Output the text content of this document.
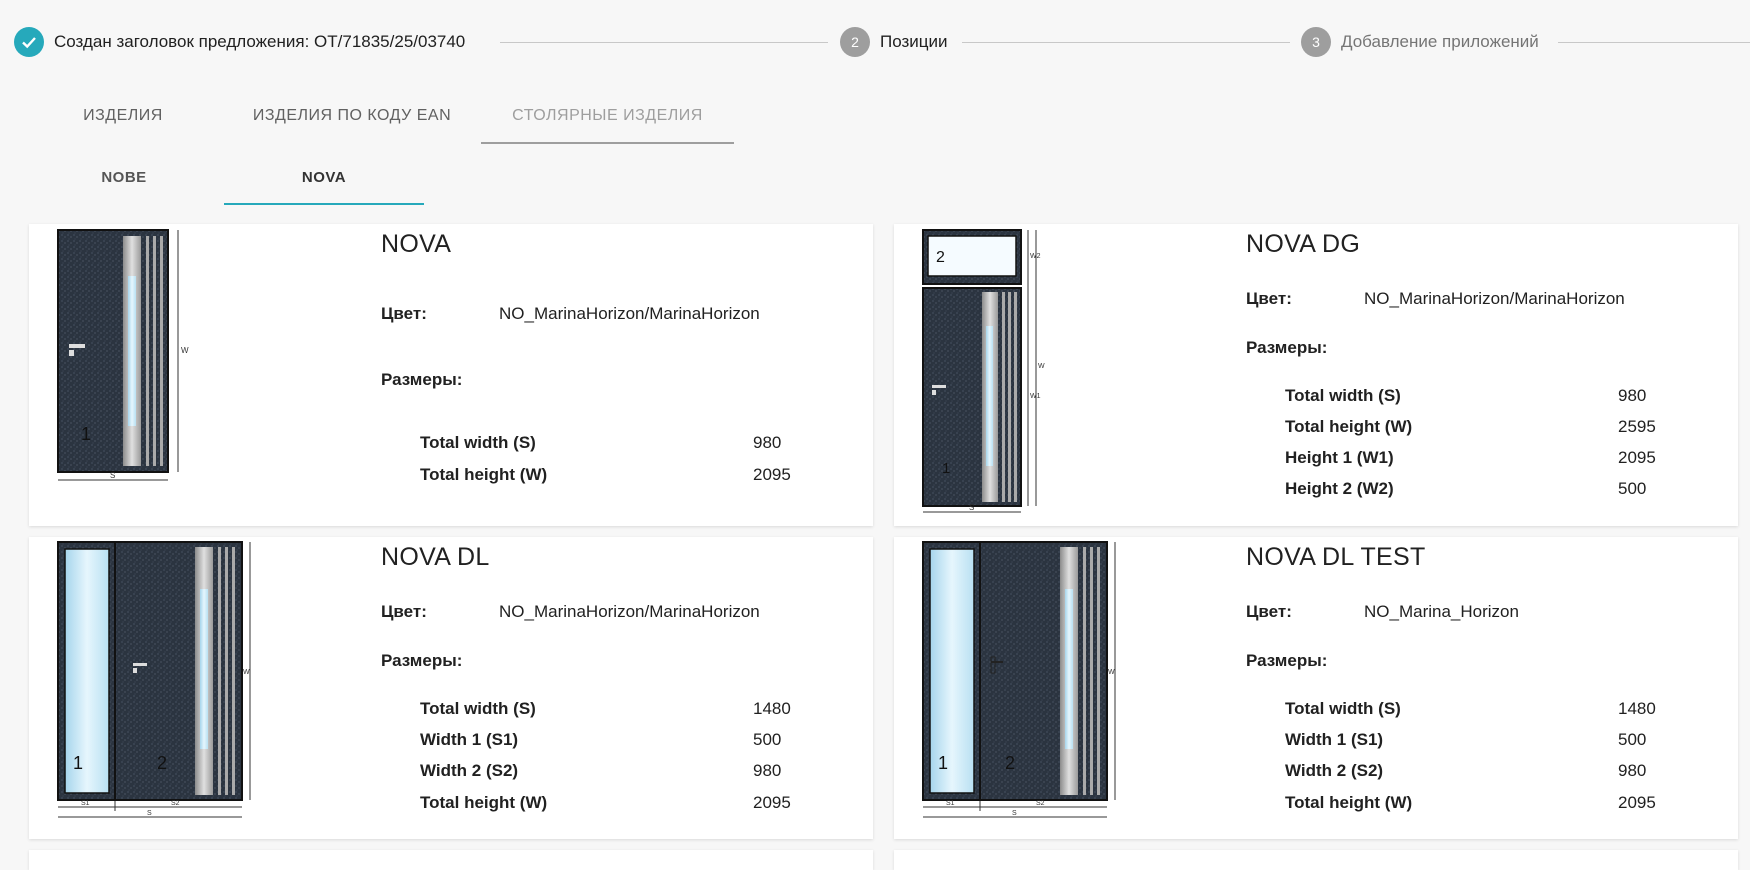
Создан заголовок предложения: OT/71835/25/03740	2	Позиции	3	Добавление приложений
ИЗДЕЛИЯ	ИЗДЕЛИЯ ПО КОДУ EAN	СТОЛЯРНЫЕ ИЗДЕЛИЯ
NOBE	NOVA
1
S
W
NOVA
Цвет:	NO_MarinaHorizon/MarinaHorizon
Размеры:
Total width (S)	980
Total height (W)	2095
2
1
S
W2
W1
W
NOVA DG
Цвет:	NO_MarinaHorizon/MarinaHorizon
Размеры:
Total width (S)	980
Total height (W)	2595
Height 1 (W1)	2095
Height 2 (W2)	500
1	2
S1	S2
S
W
NOVA DL
Цвет:	NO_MarinaHorizon/MarinaHorizon
Размеры:
Total width (S)	1480
Width 1 (S1)	500
Width 2 (S2)	980
Total height (W)	2095
1	2
S1	S2
S
W
NOVA DL TEST
Цвет:	NO_Marina_Horizon
Размеры:
Total width (S)	1480
Width 1 (S1)	500
Width 2 (S2)	980
Total height (W)	2095
